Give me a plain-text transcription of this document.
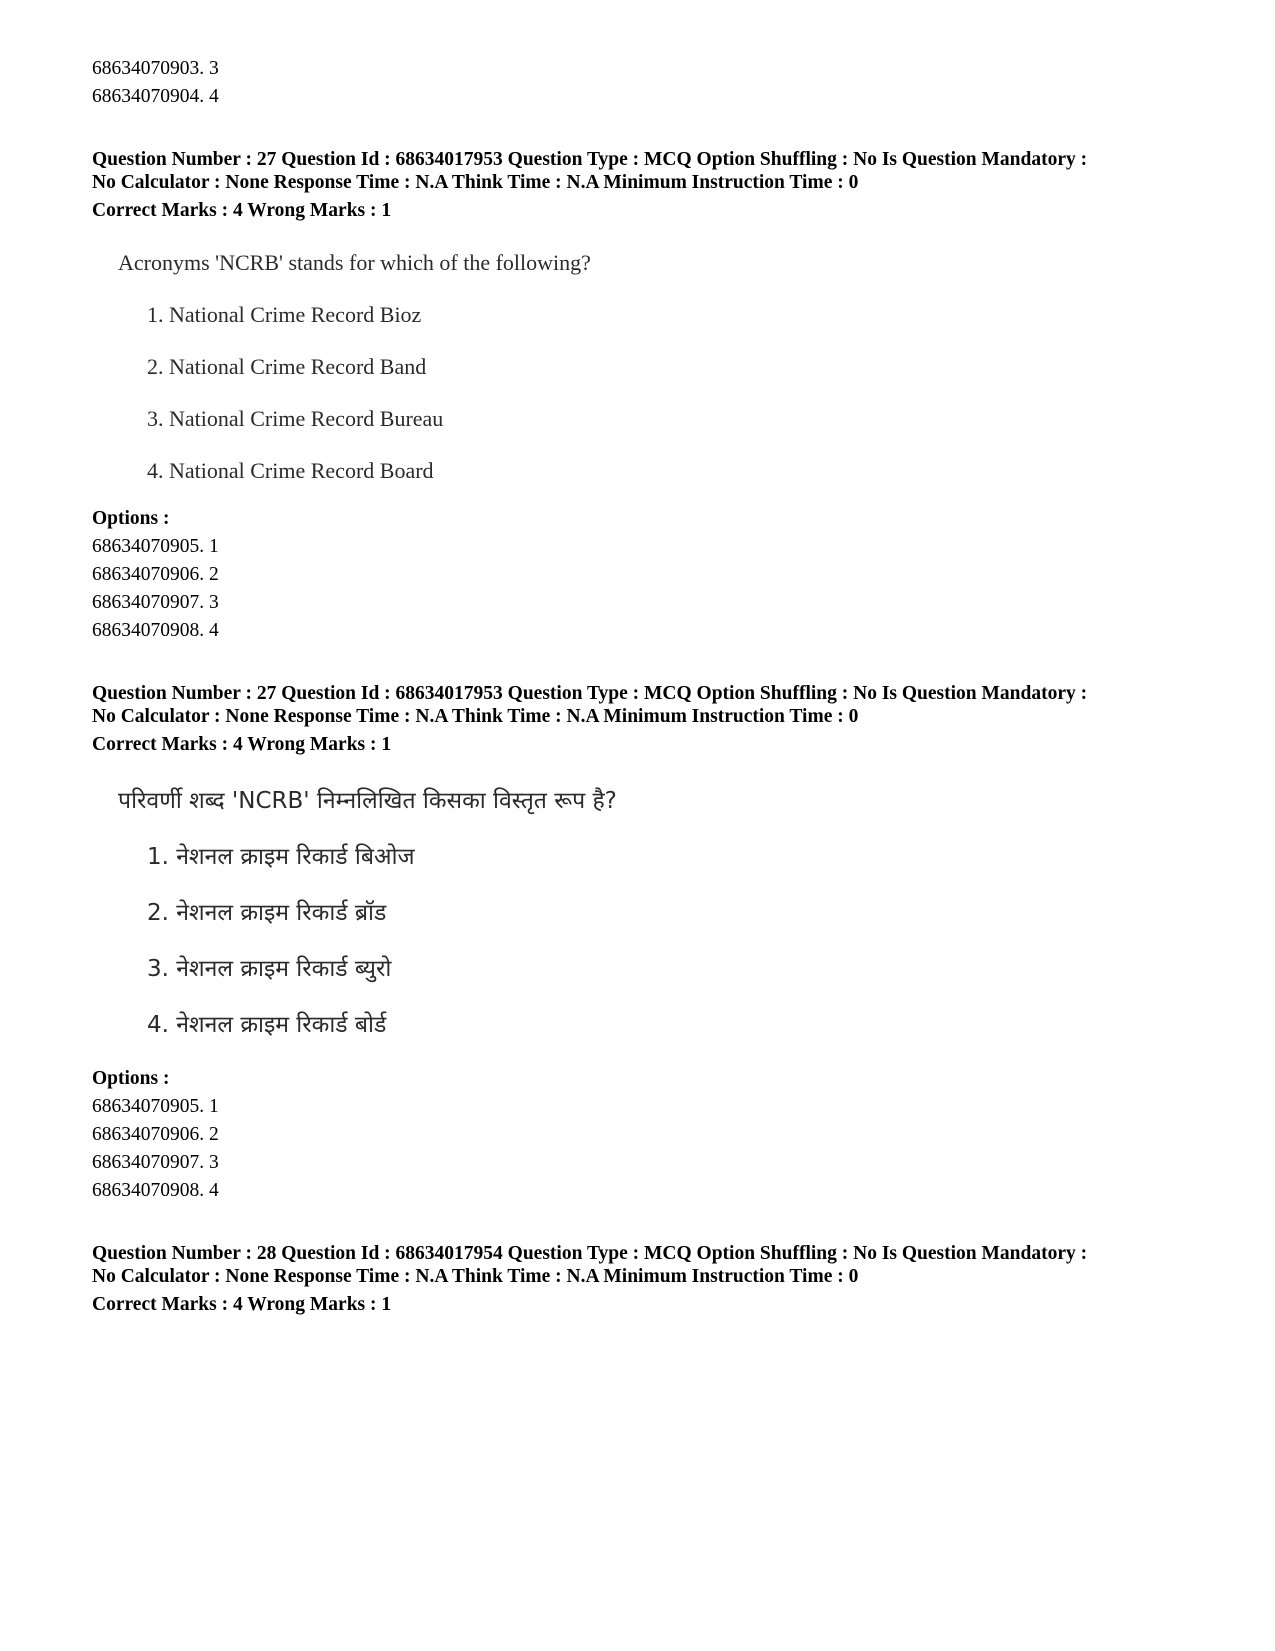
68634070903. 3
68634070904. 4
Question Number : 27 Question Id : 68634017953 Question Type : MCQ Option Shuffling : No Is Question Mandatory :
No Calculator : None Response Time : N.A Think Time : N.A Minimum Instruction Time : 0
Correct Marks : 4 Wrong Marks : 1
Acronyms 'NCRB' stands for which of the following?
1. National Crime Record Bioz
2. National Crime Record Band
3. National Crime Record Bureau
4. National Crime Record Board
Options :
68634070905. 1
68634070906. 2
68634070907. 3
68634070908. 4
Question Number : 27 Question Id : 68634017953 Question Type : MCQ Option Shuffling : No Is Question Mandatory :
No Calculator : None Response Time : N.A Think Time : N.A Minimum Instruction Time : 0
Correct Marks : 4 Wrong Marks : 1
परिवर्णी शब्द 'NCRB' निम्नलिखित किसका विस्तृत रूप है?
1. नेशनल क्राइम रिकार्ड बिओज
2. नेशनल क्राइम रिकार्ड ब्रॉड
3. नेशनल क्राइम रिकार्ड ब्युरो
4. नेशनल क्राइम रिकार्ड बोर्ड
Options :
68634070905. 1
68634070906. 2
68634070907. 3
68634070908. 4
Question Number : 28 Question Id : 68634017954 Question Type : MCQ Option Shuffling : No Is Question Mandatory :
No Calculator : None Response Time : N.A Think Time : N.A Minimum Instruction Time : 0
Correct Marks : 4 Wrong Marks : 1
